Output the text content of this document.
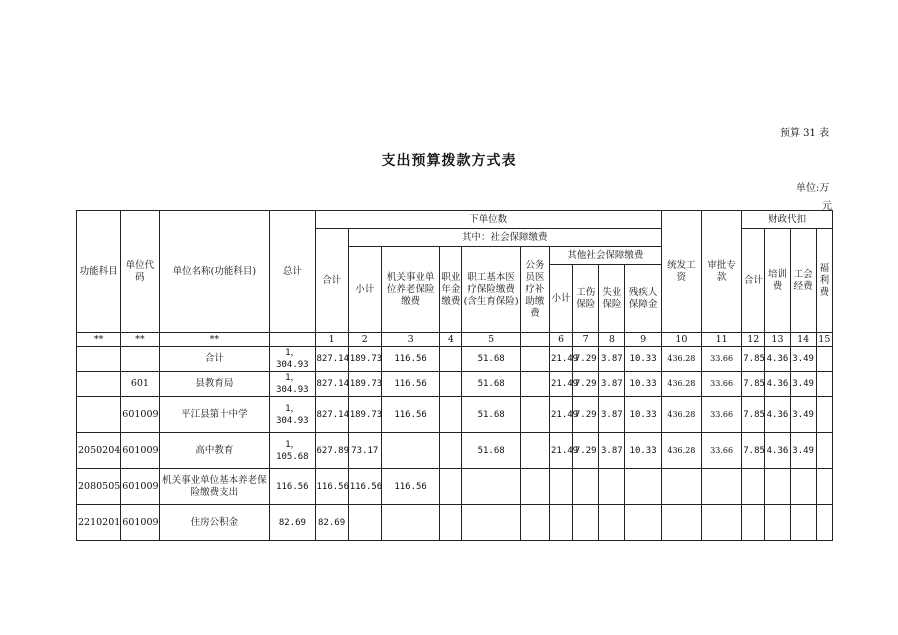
预算 31 表
支出预算拨款方式表
单位:万
元
功能科目	单位代码	单位名称(功能科目)	总计	下单位数										统发工资	审批专款	财政代扣			
				合计	其中：社会保障缴费											合计	培训费	工会经费	福利费
					小计	机关事业单位养老保险缴费	职业年金缴费	职工基本医疗保险缴费(含生育保险)	公务员医疗补助缴费	其他社会保障缴费									
										小计	工伤保险	失业保险	残疾人保障金						

**	**	**		1	2	3	4	5		6	7	8	9	10	11	12	13	14	15
		合计	1，304.93	827.14	189.73	116.56		51.68		21.49	7.29	3.87	10.33	436.28	33.66	7.85	4.36	3.49	
	601	县教育局	1，304.93	827.14	189.73	116.56		51.68		21.49	7.29	3.87	10.33	436.28	33.66	7.85	4.36	3.49	
	601009	平江县第十中学	1，304.93	827.14	189.73	116.56		51.68		21.49	7.29	3.87	10.33	436.28	33.66	7.85	4.36	3.49	
2050204	601009	高中教育	1，105.68	627.89	73.17			51.68		21.49	7.29	3.87	10.33	436.28	33.66	7.85	4.36	3.49	
2080505	601009	机关事业单位基本养老保险缴费支出	116.56	116.56	116.56	116.56													
2210201	601009	住房公积金	82.69	82.69															
